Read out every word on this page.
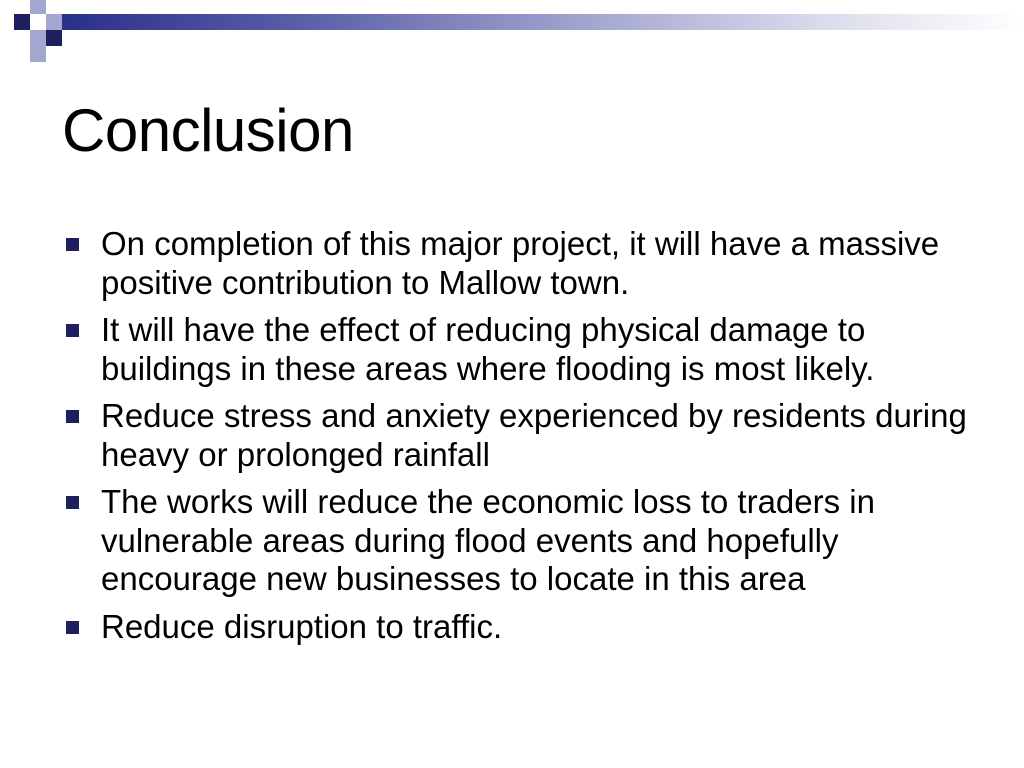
Conclusion
On completion of this major project, it will have a massive positive contribution to Mallow town.
It will have the effect of reducing physical damage to buildings in these areas where flooding is most likely.
Reduce stress and anxiety experienced by residents during heavy or prolonged rainfall
The works will reduce the economic loss to traders in vulnerable areas during flood events and hopefully encourage new businesses to locate in this area
Reduce disruption to traffic.
